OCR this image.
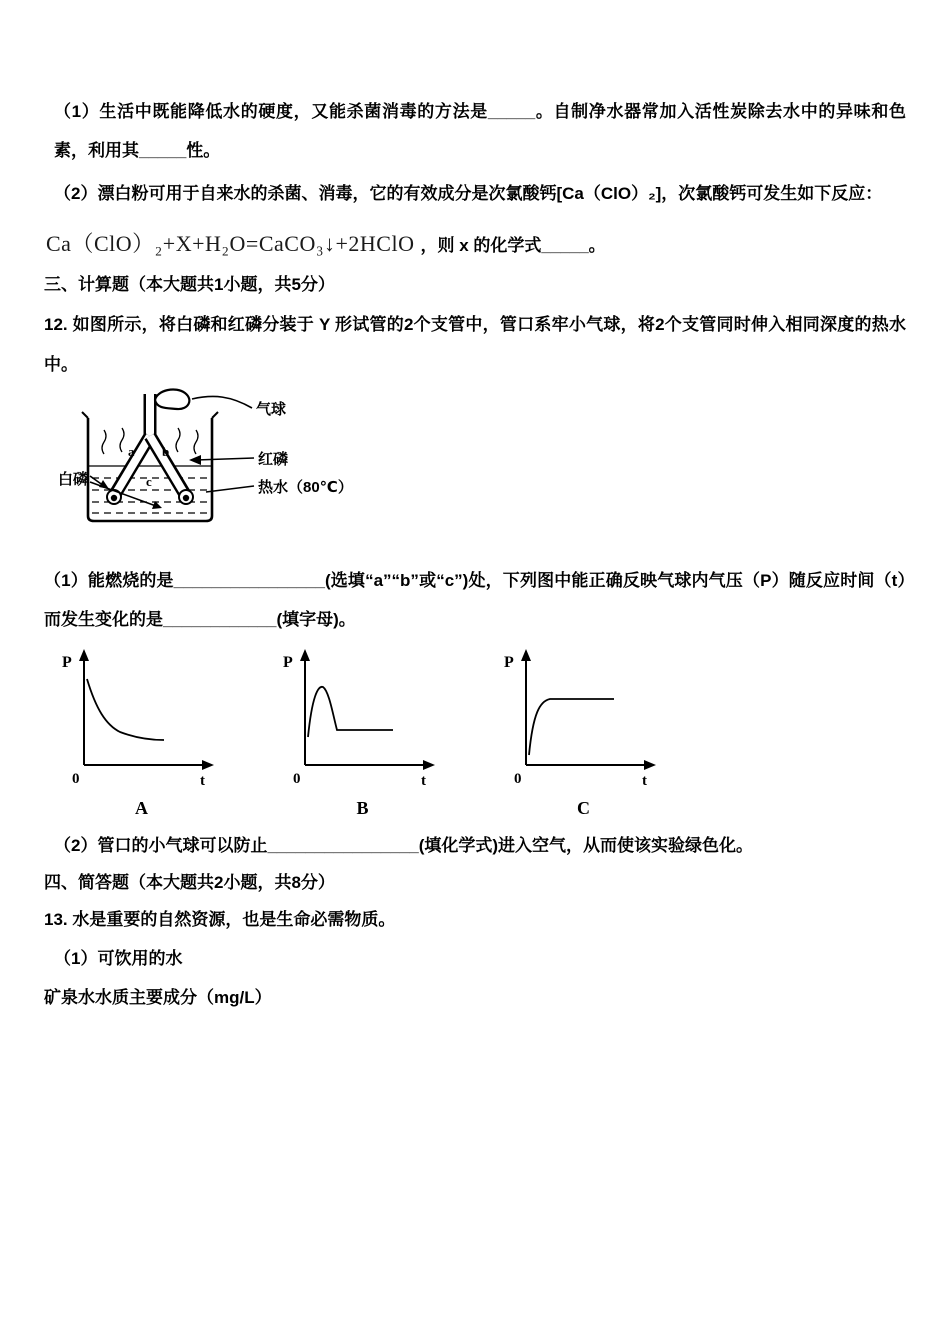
（1）生活中既能降低水的硬度，又能杀菌消毒的方法是_____。自制净水器常加入活性炭除去水中的异味和色素，利用其_____性。

（2）漂白粉可用于自来水的杀菌、消毒，它的有效成分是次氯酸钙[Ca（ClO）₂]，次氯酸钙可发生如下反应：

Ca（ClO）₂+X+H₂O=CaCO₃↓+2HClO ，则 x 的化学式_____。

三、计算题（本大题共1小题，共5分）

12. 如图所示，将白磷和红磷分装于 Y 形试管的2个支管中，管口系牢小气球，将2个支管同时伸入相同深度的热水中。

气球
红磷
热水（80℃）
白磷
a b
c

（1）能燃烧的是________________(选填“a”“b”或“c”)处，下列图中能正确反映气球内气压（P）随反应时间（t）而发生变化的是____________(填字母)。

P
0	t
A
P
0	t
B
P
0	t
C

（2）管口的小气球可以防止________________(填化学式)进入空气，从而使该实验绿色化。

四、简答题（本大题共2小题，共8分）

13. 水是重要的自然资源，也是生命必需物质。

（1）可饮用的水

矿泉水水质主要成分（mg/L）
